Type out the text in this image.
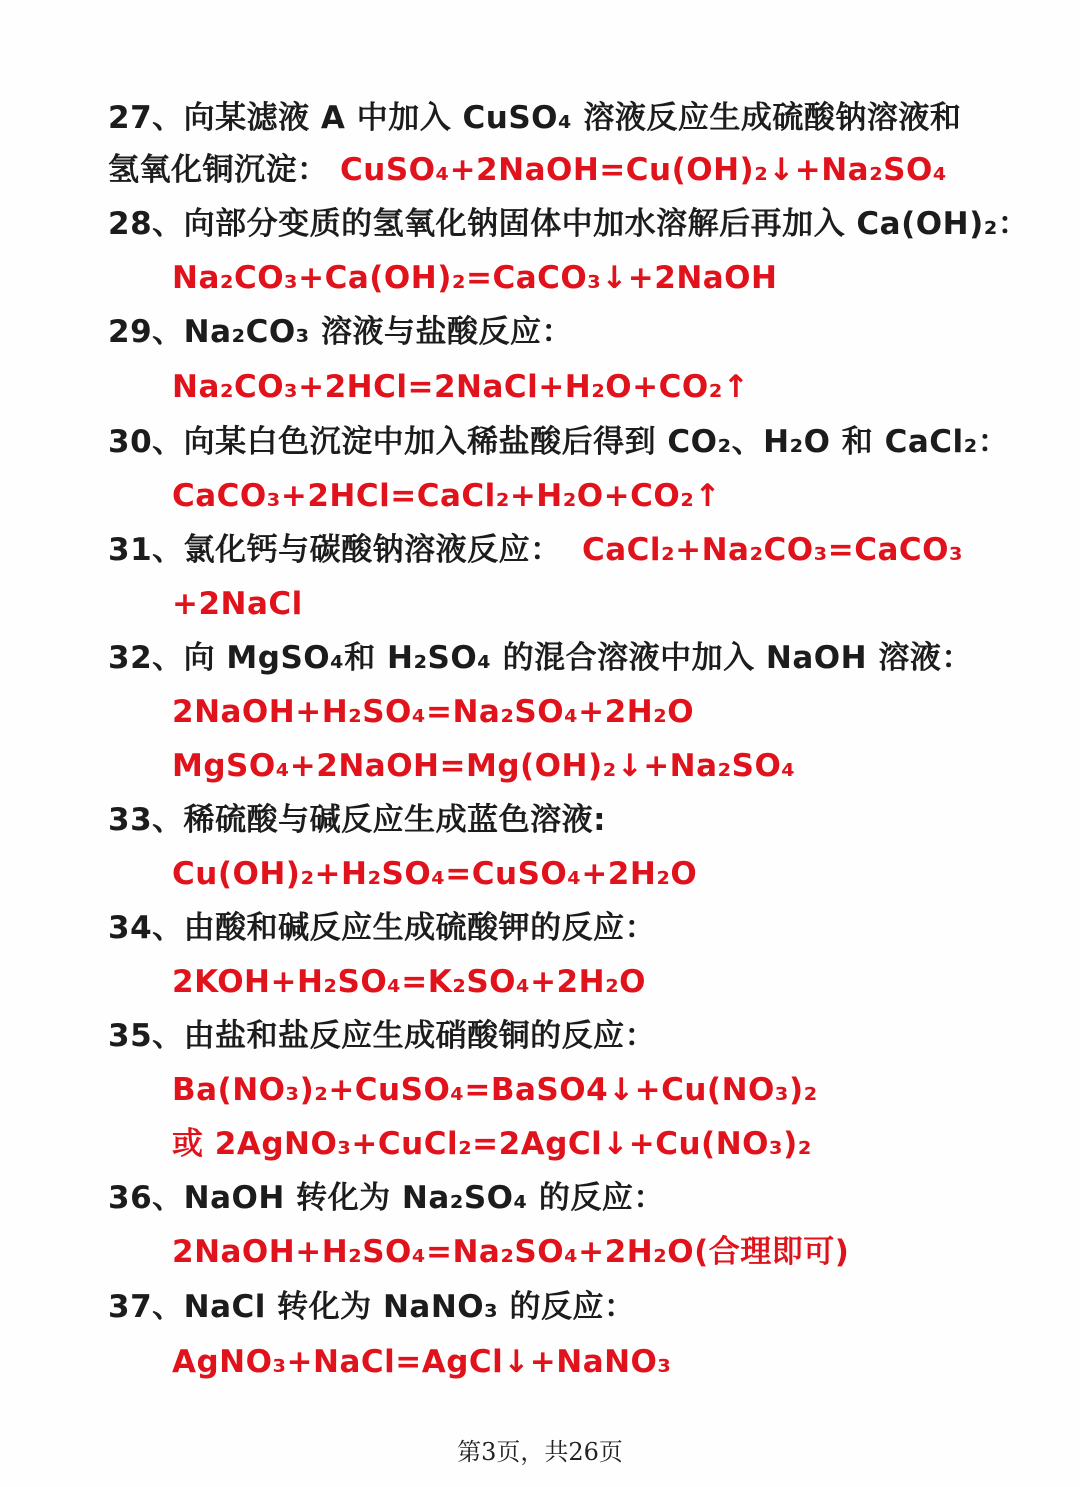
27、向某滤液 A 中加入 CuSO₄ 溶液反应生成硫酸钠溶液和
氢氧化铜沉淀： CuSO₄+2NaOH=Cu(OH)₂↓+Na₂SO₄
28、向部分变质的氢氧化钠固体中加水溶解后再加入 Ca(OH)₂：
Na₂CO₃+Ca(OH)₂=CaCO₃↓+2NaOH
29、Na₂CO₃ 溶液与盐酸反应：
Na₂CO₃+2HCl=2NaCl+H₂O+CO₂↑
30、向某白色沉淀中加入稀盐酸后得到 CO₂、H₂O 和 CaCl₂：
CaCO₃+2HCl=CaCl₂+H₂O+CO₂↑
31、氯化钙与碳酸钠溶液反应： CaCl₂+Na₂CO₃=CaCO₃
+2NaCl
32、向 MgSO₄和 H₂SO₄ 的混合溶液中加入 NaOH 溶液：
2NaOH+H₂SO₄=Na₂SO₄+2H₂O
MgSO₄+2NaOH=Mg(OH)₂↓+Na₂SO₄
33、稀硫酸与碱反应生成蓝色溶液:
Cu(OH)₂+H₂SO₄=CuSO₄+2H₂O
34、由酸和碱反应生成硫酸钾的反应：
2KOH+H₂SO₄=K₂SO₄+2H₂O
35、由盐和盐反应生成硝酸铜的反应：
Ba(NO₃)₂+CuSO₄=BaSO4↓+Cu(NO₃)₂
或 2AgNO₃+CuCl₂=2AgCl↓+Cu(NO₃)₂
36、NaOH 转化为 Na₂SO₄ 的反应：
2NaOH+H₂SO₄=Na₂SO₄+2H₂O(合理即可)
37、NaCl 转化为 NaNO₃ 的反应：
AgNO₃+NaCl=AgCl↓+NaNO₃
第3页，共26页
